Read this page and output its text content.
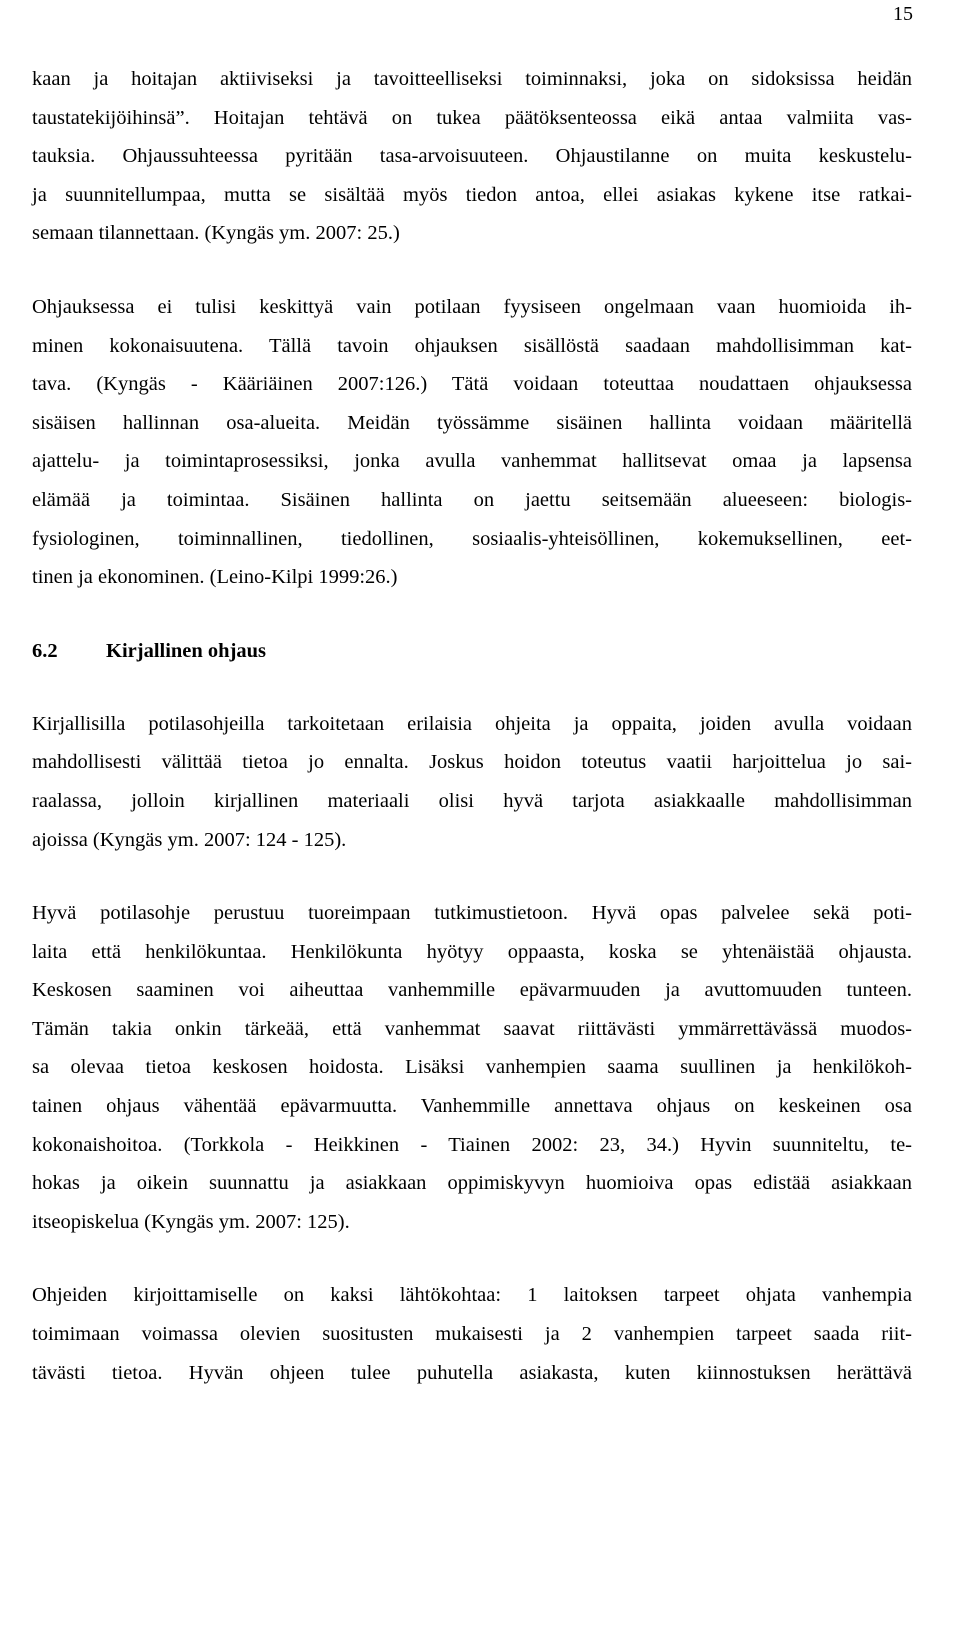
15

kaan ja hoitajan aktiiviseksi ja tavoitteelliseksi toiminnaksi, joka on sidoksissa heidän
taustatekijöihinsä”. Hoitajan tehtävä on tukea päätöksenteossa eikä antaa valmiita vas-
tauksia. Ohjaussuhteessa pyritään tasa-arvoisuuteen. Ohjaustilanne on muita keskustelu-
ja suunnitellumpaa, mutta se sisältää myös tiedon antoa, ellei asiakas kykene itse ratkai-
semaan tilannettaan. (Kyngäs ym. 2007: 25.)

Ohjauksessa ei tulisi keskittyä vain potilaan fyysiseen ongelmaan vaan huomioida ih-
minen kokonaisuutena. Tällä tavoin ohjauksen sisällöstä saadaan mahdollisimman kat-
tava. (Kyngäs - Kääriäinen 2007:126.) Tätä voidaan toteuttaa noudattaen ohjauksessa
sisäisen hallinnan osa-alueita. Meidän työssämme sisäinen hallinta voidaan määritellä
ajattelu- ja toimintaprosessiksi, jonka avulla vanhemmat hallitsevat omaa ja lapsensa
elämää ja toimintaa. Sisäinen hallinta on jaettu seitsemään alueeseen: biologis-
fysiologinen, toiminnallinen, tiedollinen, sosiaalis-yhteisöllinen, kokemuksellinen, eet-
tinen ja ekonominen. (Leino-Kilpi 1999:26.)

6.2	Kirjallinen ohjaus

Kirjallisilla potilasohjeilla tarkoitetaan erilaisia ohjeita ja oppaita, joiden avulla voidaan
mahdollisesti välittää tietoa jo ennalta. Joskus hoidon toteutus vaatii harjoittelua jo sai-
raalassa, jolloin kirjallinen materiaali olisi hyvä tarjota asiakkaalle mahdollisimman
ajoissa (Kyngäs ym. 2007: 124 - 125).

Hyvä potilasohje perustuu tuoreimpaan tutkimustietoon. Hyvä opas palvelee sekä poti-
laita että henkilökuntaa. Henkilökunta hyötyy oppaasta, koska se yhtenäistää ohjausta.
Keskosen saaminen voi aiheuttaa vanhemmille epävarmuuden ja avuttomuuden tunteen.
Tämän takia onkin tärkeää, että vanhemmat saavat riittävästi ymmärrettävässä muodos-
sa olevaa tietoa keskosen hoidosta. Lisäksi vanhempien saama suullinen ja henkilökoh-
tainen ohjaus vähentää epävarmuutta. Vanhemmille annettava ohjaus on keskeinen osa
kokonaishoitoa. (Torkkola - Heikkinen - Tiainen 2002: 23, 34.) Hyvin suunniteltu, te-
hokas ja oikein suunnattu ja asiakkaan oppimiskyvyn huomioiva opas edistää asiakkaan
itseopiskelua (Kyngäs ym. 2007: 125).

Ohjeiden kirjoittamiselle on kaksi lähtökohtaa: 1 laitoksen tarpeet ohjata vanhempia
toimimaan voimassa olevien suositusten mukaisesti ja 2 vanhempien tarpeet saada riit-
tävästi tietoa. Hyvän ohjeen tulee puhutella asiakasta, kuten kiinnostuksen herättävä
